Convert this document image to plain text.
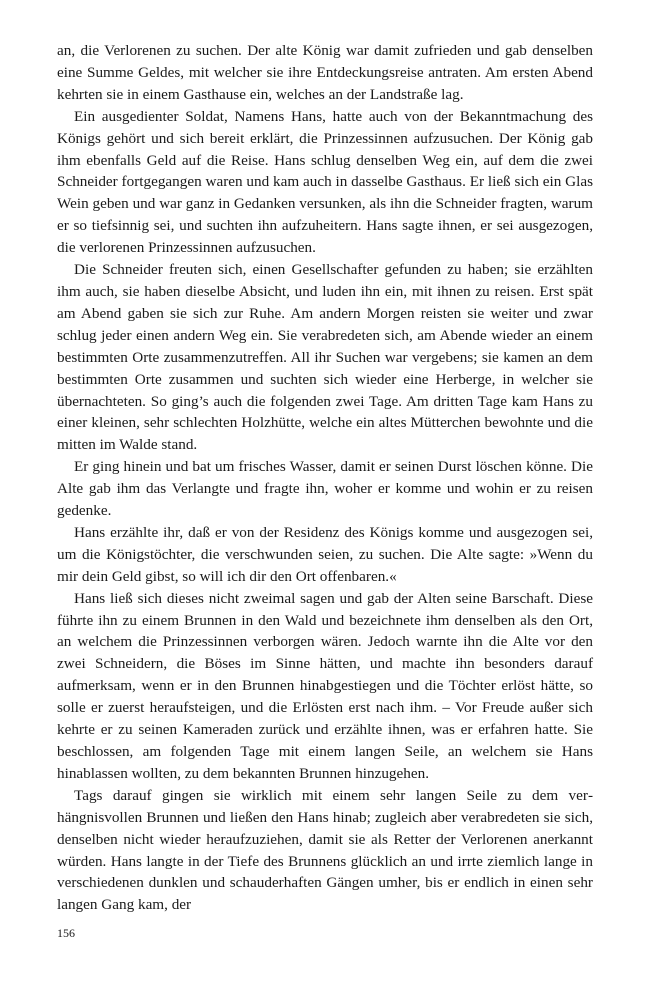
an, die Verlorenen zu suchen. Der alte König war damit zufrieden und gab denselben eine Summe Geldes, mit welcher sie ihre Entdeckungsreise antraten. Am ersten Abend kehrten sie in einem Gasthause ein, welches an der Landstraße lag.

Ein ausgedienter Soldat, Namens Hans, hatte auch von der Bekanntmachung des Königs gehört und sich bereit erklärt, die Prinzessinnen aufzusuchen. Der König gab ihm ebenfalls Geld auf die Reise. Hans schlug denselben Weg ein, auf dem die zwei Schneider fortgegangen waren und kam auch in dasselbe Gasthaus. Er ließ sich ein Glas Wein geben und war ganz in Gedanken versunken, als ihn die Schneider fragten, warum er so tiefsinnig sei, und suchten ihn aufzuheitern. Hans sagte ihnen, er sei ausgezogen, die verlorenen Prinzessinnen aufzusuchen.

Die Schneider freuten sich, einen Gesellschafter gefunden zu haben; sie erzählten ihm auch, sie haben dieselbe Absicht, und luden ihn ein, mit ihnen zu reisen. Erst spät am Abend gaben sie sich zur Ruhe. Am andern Morgen reisten sie weiter und zwar schlug jeder einen andern Weg ein. Sie verabredeten sich, am Abende wieder an einem bestimmten Orte zusammenzutreffen. All ihr Suchen war vergebens; sie kamen an dem bestimmten Orte zusammen und suchten sich wieder eine Herberge, in welcher sie übernachteten. So ging’s auch die folgenden zwei Tage. Am dritten Tage kam Hans zu einer kleinen, sehr schlechten Holzhütte, welche ein altes Mütterchen bewohnte und die mitten im Walde stand.

Er ging hinein und bat um frisches Wasser, damit er seinen Durst löschen könne. Die Alte gab ihm das Verlangte und fragte ihn, woher er komme und wohin er zu reisen gedenke.

Hans erzählte ihr, daß er von der Residenz des Königs komme und ausgezogen sei, um die Königstöchter, die verschwunden seien, zu suchen. Die Alte sagte: »Wenn du mir dein Geld gibst, so will ich dir den Ort offenbaren.«

Hans ließ sich dieses nicht zweimal sagen und gab der Alten seine Barschaft. Diese führte ihn zu einem Brunnen in den Wald und bezeichnete ihm denselben als den Ort, an welchem die Prinzessinnen verborgen wären. Jedoch warnte ihn die Alte vor den zwei Schneidern, die Böses im Sinne hätten, und machte ihn besonders darauf aufmerksam, wenn er in den Brunnen hinabgestiegen und die Töchter erlöst hätte, so solle er zuerst heraufsteigen, und die Erlösten erst nach ihm. – Vor Freude außer sich kehrte er zu seinen Kameraden zurück und erzählte ihnen, was er erfahren hatte. Sie beschlossen, am folgenden Tage mit einem langen Seile, an welchem sie Hans hinablassen wollten, zu dem bekannten Brunnen hinzugehen.

Tags darauf gingen sie wirklich mit einem sehr langen Seile zu dem verhängnisvollen Brunnen und ließen den Hans hinab; zugleich aber verabredeten sie sich, denselben nicht wieder heraufzuziehen, damit sie als Retter der Verlorenen anerkannt würden. Hans langte in der Tiefe des Brunnens glücklich an und irrte ziemlich lange in verschiedenen dunklen und schauderhaften Gängen umher, bis er endlich in einen sehr langen Gang kam, der

156
